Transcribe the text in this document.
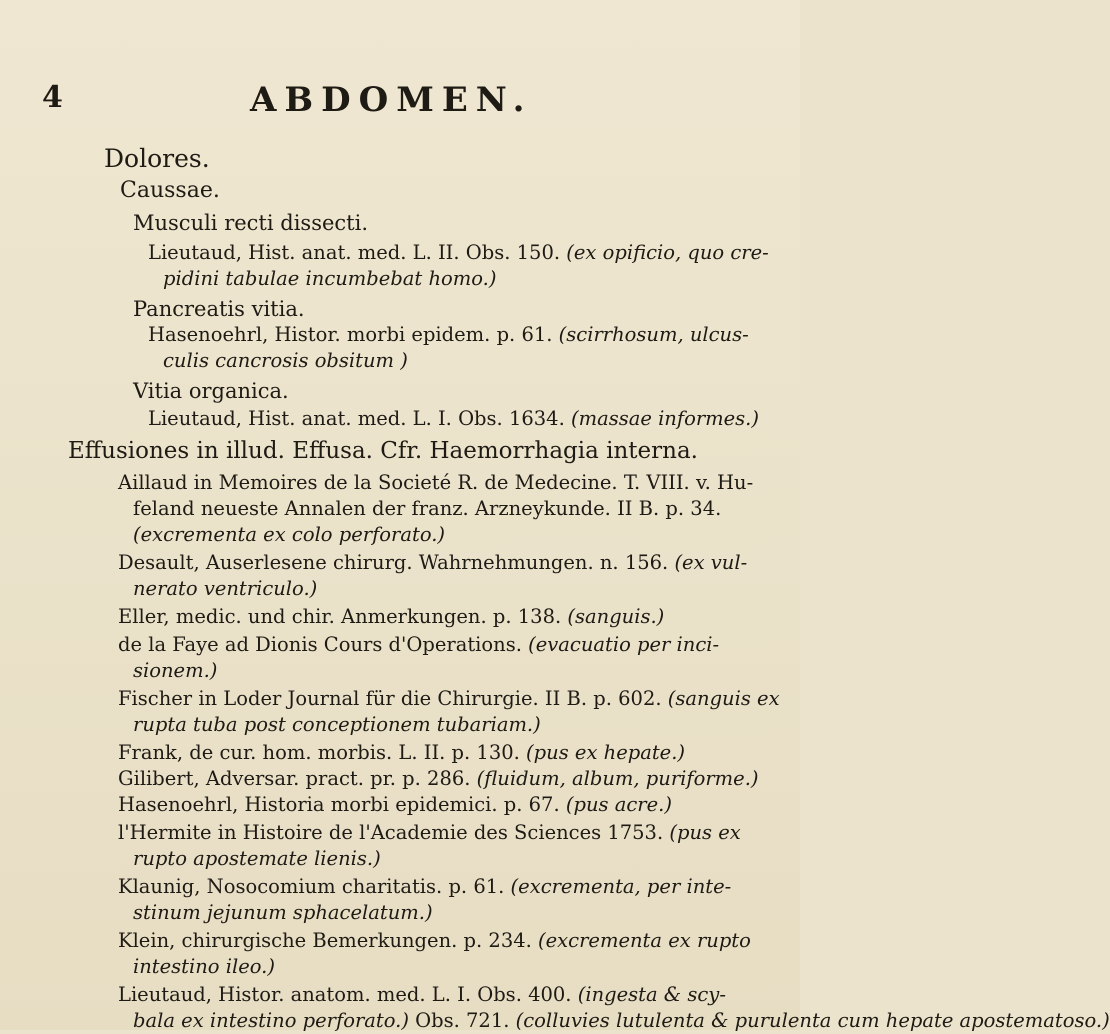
4	ABDOMEN.
Dolores.
Caussae.
Musculi recti dissecti.
Lieutaud, Hist. anat. med. L. II. Obs. 150. (ex opificio, quo cre-
pidini tabulae incumbebat homo.)
Pancreatis vitia.
Hasenoehrl, Histor. morbi epidem. p. 61. (scirrhosum, ulcus-
culis cancrosis obsitum )
Vitia organica.
Lieutaud, Hist. anat. med. L. I. Obs. 1634. (massae informes.)
Effusiones in illud. Effusa. Cfr. Haemorrhagia interna.
Aillaud in Memoires de la Societé R. de Medecine. T. VIII. v. Hu-
feland neueste Annalen der franz. Arzneykunde. II B. p. 34.
(excrementa ex colo perforato.)
Desault, Auserlesene chirurg. Wahrnehmungen. n. 156. (ex vul-
nerato ventriculo.)
Eller, medic. und chir. Anmerkungen. p. 138. (sanguis.)
de la Faye ad Dionis Cours d'Operations. (evacuatio per inci-
sionem.)
Fischer in Loder Journal für die Chirurgie. II B. p. 602. (sanguis ex
rupta tuba post conceptionem tubariam.)
Frank, de cur. hom. morbis. L. II. p. 130. (pus ex hepate.)
Gilibert, Adversar. pract. pr. p. 286. (fluidum, album, puriforme.)
Hasenoehrl, Historia morbi epidemici. p. 67. (pus acre.)
l'Hermite in Histoire de l'Academie des Sciences 1753. (pus ex
rupto apostemate lienis.)
Klaunig, Nosocomium charitatis. p. 61. (excrementa, per inte-
stinum jejunum sphacelatum.)
Klein, chirurgische Bemerkungen. p. 234. (excrementa ex rupto
intestino ileo.)
Lieutaud, Histor. anatom. med. L. I. Obs. 400. (ingesta & scy-
bala ex intestino perforato.) Obs. 721. (colluvies lutulenta & purulenta cum hepate apostematoso.)
